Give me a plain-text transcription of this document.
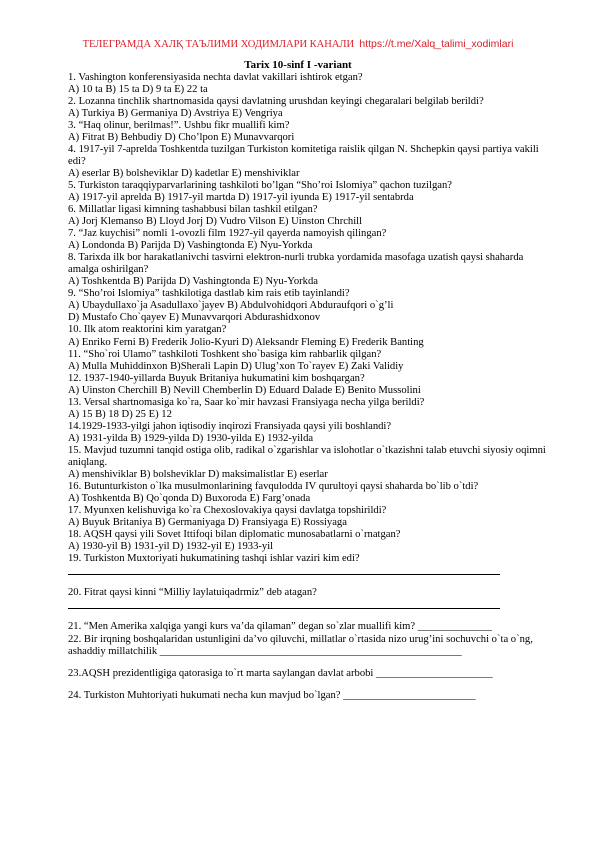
ТЕЛЕГРАМДА ХАЛҚ ТАЪЛИМИ ХОДИМЛАРИ КАНАЛИ https://t.me/Xalq_talimi_xodimlari
Tarix 10-sinf I -variant
1. Vashington konferensiyasida nechta davlat vakillari ishtirok etgan?
A) 10 ta B) 15 ta D) 9 ta E) 22 ta
2. Lozanna tinchlik shartnomasida qaysi davlatning urushdan keyingi chegaralari belgilab berildi?
A) Turkiya B) Germaniya D) Avstriya E) Vengriya
3. “Haq olinur, berilmas!”. Ushbu fikr muallifi kim?
A) Fitrat B) Behbudiy D) Cho’lpon E) Munavvarqori
4. 1917-yil 7-aprelda Toshkentda tuzilgan Turkiston komitetiga raislik qilgan N. Shchepkin qaysi partiya vakili edi?
A) eserlar B) bolsheviklar D) kadetlar E) menshiviklar
5. Turkiston taraqqiyparvarlarining tashkiloti bo’lgan “Sho’roi Islomiya” qachon tuzilgan?
A) 1917-yil aprelda B) 1917-yil martda D) 1917-yil iyunda E) 1917-yil sentabrda
6. Millatlar ligasi kimning tashabbusi bilan tashkil etilgan?
A) Jorj Klemanso B) Lloyd Jorj D) Vudro Vilson E) Uinston Chrchill
7. “Jaz kuychisi” nomli 1-ovozli film 1927-yil qayerda namoyish qilingan?
A) Londonda B) Parijda D) Vashingtonda E) Nyu-Yorkda
8. Tarixda ilk bor harakatlanivchi tasvirni elektron-nurli trubka yordamida masofaga uzatish qaysi shaharda amalga oshirilgan?
A) Toshkentda B) Parijda D) Vashingtonda E) Nyu-Yorkda
9. “Sho’roi Islomiya” tashkilotiga dastlab kim rais etib tayinlandi?
A) Ubaydullaxo`ja Asadullaxo`jayev B) Abdulvohidqori Abduraufqori o`g’li
D) Mustafo Cho`qayev E) Munavvarqori Abdurashidxonov
10. Ilk atom reaktorini kim yaratgan?
A) Enriko Ferni B) Frederik Jolio-Kyuri D) Aleksandr Fleming E) Frederik Banting
11. “Sho`roi Ulamo” tashkiloti Toshkent sho`basiga kim rahbarlik qilgan?
A) Mulla Muhiddinxon B)Sherali Lapin D) Ulug’xon To`rayev E) Zaki Validiy
12. 1937-1940-yillarda Buyuk Britaniya hukumatini kim boshqargan?
A) Uinston Cherchill B) Nevill Chemberlin D) Eduard Dalade E) Benito Mussolini
13. Versal shartnomasiga ko`ra, Saar ko`mir havzasi Fransiyaga necha yilga berildi?
A) 15 B) 18 D) 25 E) 12
14.1929-1933-yilgi jahon iqtisodiy inqirozi Fransiyada qaysi yili boshlandi?
A) 1931-yilda B) 1929-yilda D) 1930-yilda E) 1932-yilda
15. Mavjud tuzumni tanqid ostiga olib, radikal o`zgarishlar va islohotlar o`tkazishni talab etuvchi siyosiy oqimni aniqlang.
A) menshiviklar B) bolsheviklar D) maksimalistlar E) eserlar
16. Butunturkiston o`lka musulmonlarining favqulodda IV qurultoyi qaysi shaharda bo`lib o`tdi?
A) Toshkentda B) Qo`qonda D) Buxoroda E) Farg’onada
17. Myunxen kelishuviga ko`ra Chexoslovakiya qaysi davlatga topshirildi?
A) Buyuk Britaniya B) Germaniyaga D) Fransiyaga E) Rossiyaga
18. AQSH qaysi yili Sovet Ittifoqi bilan diplomatic munosabatlarni o`rnatgan?
A) 1930-yil B) 1931-yil D) 1932-yil E) 1933-yil
19. Turkiston Muxtoriyati hukumatining tashqi ishlar vaziri kim edi?
20. Fitrat qaysi kinni “Milliy laylatuiqadrmiz” deb atagan?
21. “Men Amerika xalqiga yangi kurs va’da qilaman” degan so`zlar muallifi kim? ______________
22. Bir irqning boshqalaridan ustunligini da’vo qiluvchi, millatlar o`rtasida nizo urug’ini sochuvchi o`ta o`ng, ashaddiy millatchilik _________________________________________________________
23.AQSH prezidentligiga qatorasiga to`rt marta saylangan davlat arbobi ______________________
24. Turkiston Muhtoriyati hukumati necha kun mavjud bo`lgan? _________________________
